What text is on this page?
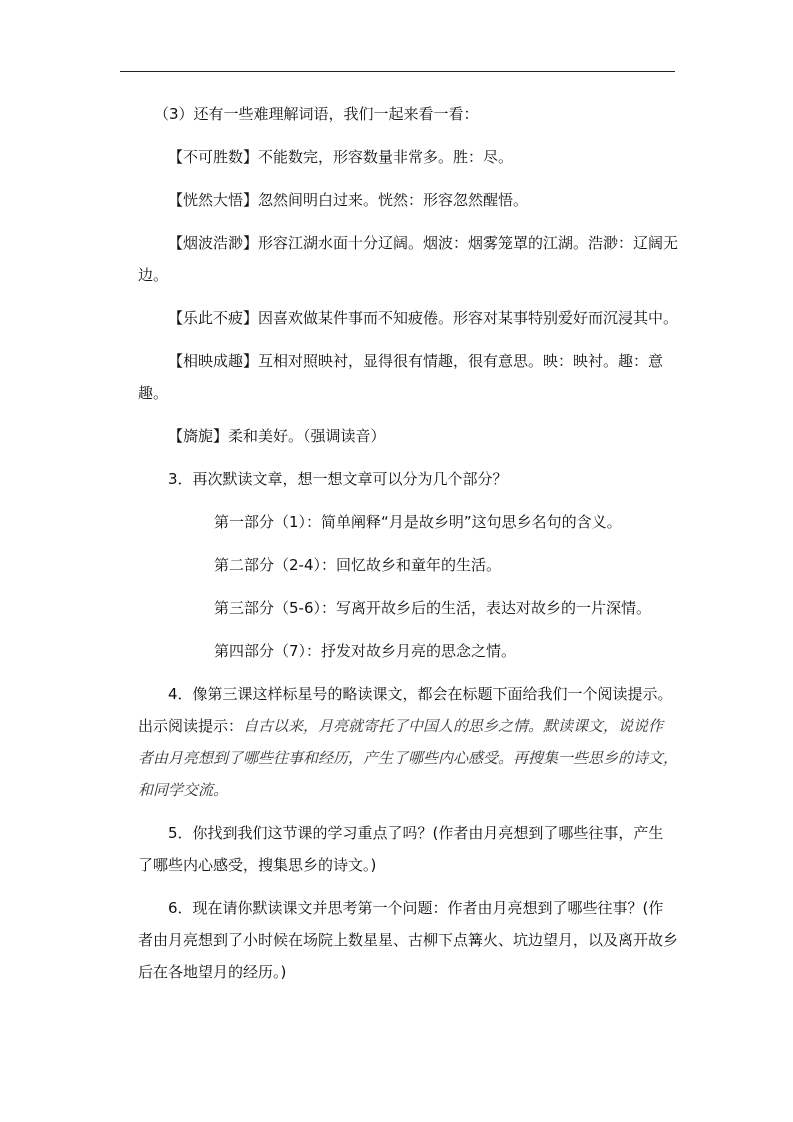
（3）还有一些难理解词语，我们一起来看一看：

【不可胜数】不能数完，形容数量非常多。胜：尽。

【恍然大悟】忽然间明白过来。恍然：形容忽然醒悟。

【烟波浩渺】形容江湖水面十分辽阔。烟波：烟雾笼罩的江湖。浩渺：辽阔无边。

【乐此不疲】因喜欢做某件事而不知疲倦。形容对某事特别爱好而沉浸其中。

【相映成趣】互相对照映衬，显得很有情趣，很有意思。映：映衬。趣：意趣。

【旖旎】柔和美好。（强调读音）

3．再次默读文章，想一想文章可以分为几个部分？

第一部分（1）：简单阐释“月是故乡明”这句思乡名句的含义。

第二部分（2-4）：回忆故乡和童年的生活。

第三部分（5-6）：写离开故乡后的生活，表达对故乡的一片深情。

第四部分（7）：抒发对故乡月亮的思念之情。

4．像第三课这样标星号的略读课文，都会在标题下面给我们一个阅读提示。出示阅读提示：自古以来，月亮就寄托了中国人的思乡之情。默读课文，说说作者由月亮想到了哪些往事和经历，产生了哪些内心感受。再搜集一些思乡的诗文，和同学交流。

5．你找到我们这节课的学习重点了吗？(作者由月亮想到了哪些往事，产生了哪些内心感受，搜集思乡的诗文。)

6．现在请你默读课文并思考第一个问题：作者由月亮想到了哪些往事？(作者由月亮想到了小时候在场院上数星星、古柳下点篝火、坑边望月，以及离开故乡后在各地望月的经历。)
